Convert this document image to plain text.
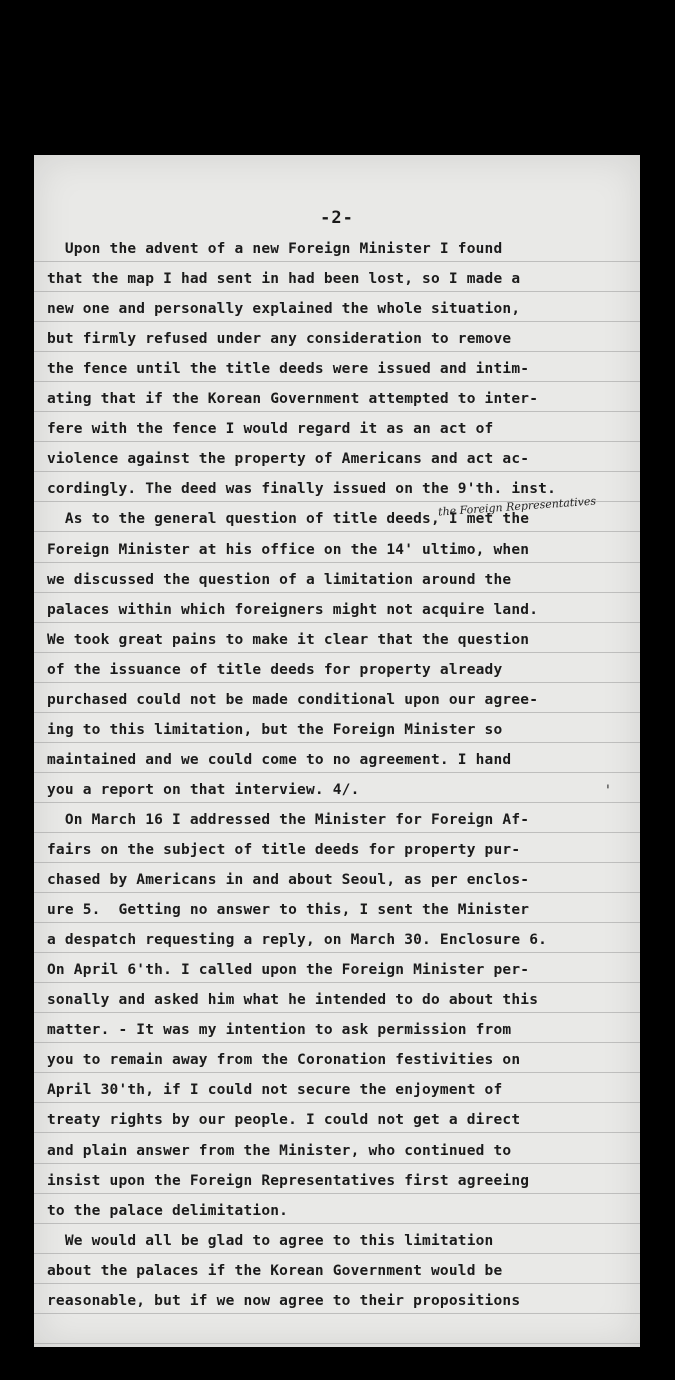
-2-
Upon the advent of a new Foreign Minister I found
that the map I had sent in had been lost, so I made a
new one and personally explained the whole situation,
but firmly refused under any consideration to remove
the fence until the title deeds were issued and intim-
ating that if the Korean Government attempted to inter-
fere with the fence I would regard it as an act of
violence against the property of Americans and act ac-
cordingly. The deed was finally issued on the 9'th. inst.
As to the general question of title deeds, I met the
Foreign Minister at his office on the 14' ultimo, when
we discussed the question of a limitation around the
palaces within which foreigners might not acquire land.
We took great pains to make it clear that the question
of the issuance of title deeds for property already
purchased could not be made conditional upon our agree-
ing to this limitation, but the Foreign Minister so
maintained and we could come to no agreement. I hand
you a report on that interview. 4/.
On March 16 I addressed the Minister for Foreign Af-
fairs on the subject of title deeds for property pur-
chased by Americans in and about Seoul, as per enclos-
ure 5.  Getting no answer to this, I sent the Minister
a despatch requesting a reply, on March 30. Enclosure 6.
On April 6'th. I called upon the Foreign Minister per-
sonally and asked him what he intended to do about this
matter. - It was my intention to ask permission from
you to remain away from the Coronation festivities on
April 30'th, if I could not secure the enjoyment of
treaty rights by our people. I could not get a direct
and plain answer from the Minister, who continued to
insist upon the Foreign Representatives first agreeing
to the palace delimitation.
We would all be glad to agree to this limitation
about the palaces if the Korean Government would be
reasonable, but if we now agree to their propositions
the Foreign Representatives
'
